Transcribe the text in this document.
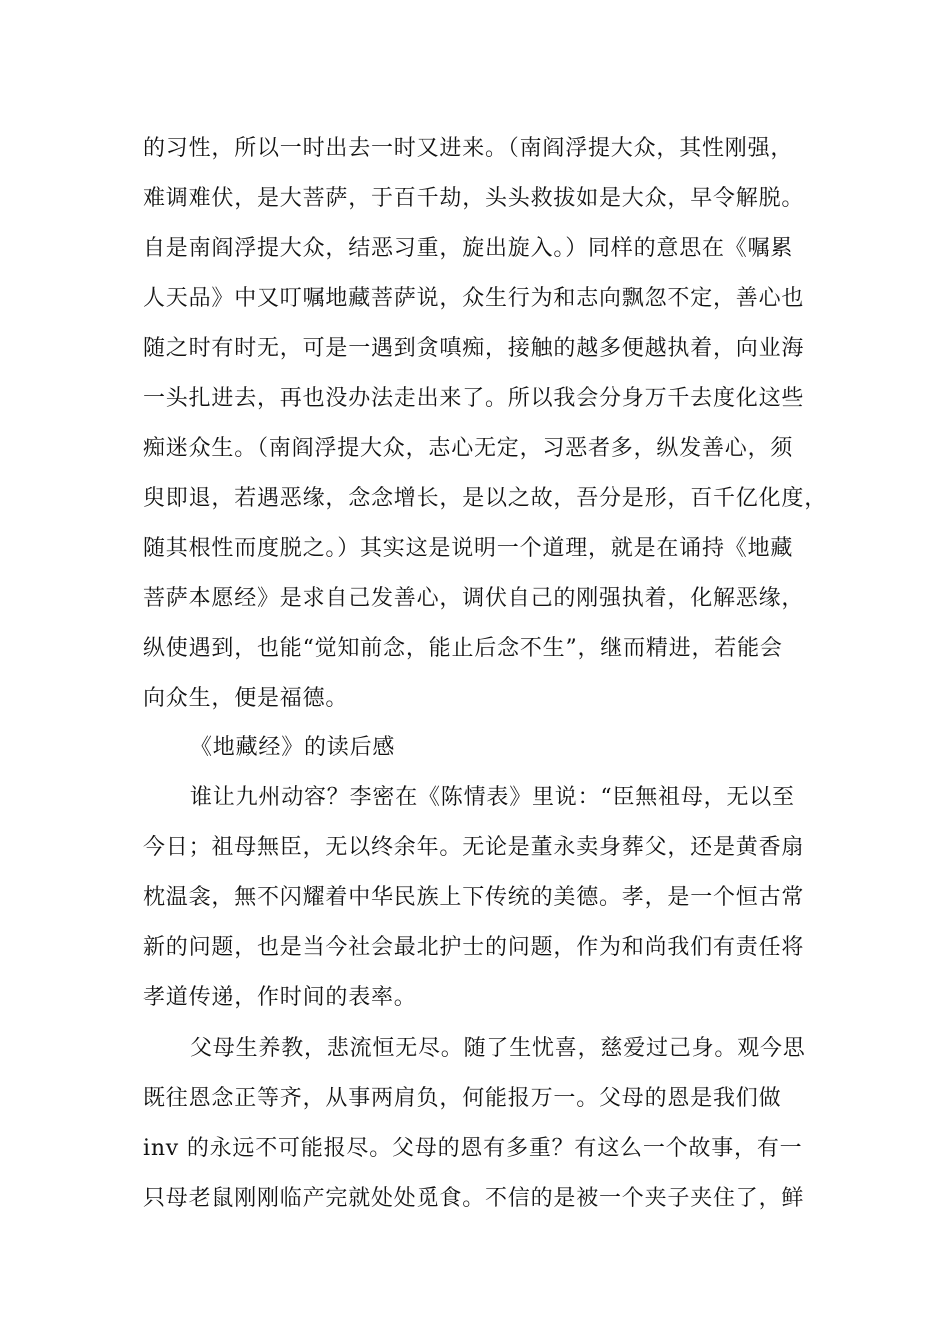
的习性，所以一时出去一时又进来。（南阎浮提大众，其性刚强，
难调难伏，是大菩萨，于百千劫，头头救拔如是大众，早令解脱。
自是南阎浮提大众，结恶习重，旋出旋入。）同样的意思在《嘱累
人天品》中又叮嘱地藏菩萨说，众生行为和志向飘忽不定，善心也
随之时有时无，可是一遇到贪嗔痴，接触的越多便越执着，向业海
一头扎进去，再也没办法走出来了。所以我会分身万千去度化这些
痴迷众生。（南阎浮提大众，志心无定，习恶者多，纵发善心，须
臾即退，若遇恶缘，念念增长，是以之故，吾分是形，百千亿化度，
随其根性而度脱之。）其实这是说明一个道理，就是在诵持《地藏
菩萨本愿经》是求自己发善心，调伏自己的刚强执着，化解恶缘，
纵使遇到，也能“觉知前念，能止后念不生”，继而精进，若能会
向众生，便是福德。
《地藏经》的读后感
谁让九州动容？李密在《陈情表》里说：“臣無祖母，无以至
今日；祖母無臣，无以终余年。无论是董永卖身葬父，还是黄香扇
枕温衾，無不闪耀着中华民族上下传统的美德。孝，是一个恒古常
新的问题，也是当今社会最北护士的问题，作为和尚我们有责任将
孝道传递，作时间的表率。
父母生养教，悲流恒无尽。随了生忧喜，慈爱过己身。观今思
既往恩念正等齐，从事两肩负，何能报万一。父母的恩是我们做
inv 的永远不可能报尽。父母的恩有多重？有这么一个故事，有一
只母老鼠刚刚临产完就处处觅食。不信的是被一个夹子夹住了，鲜
